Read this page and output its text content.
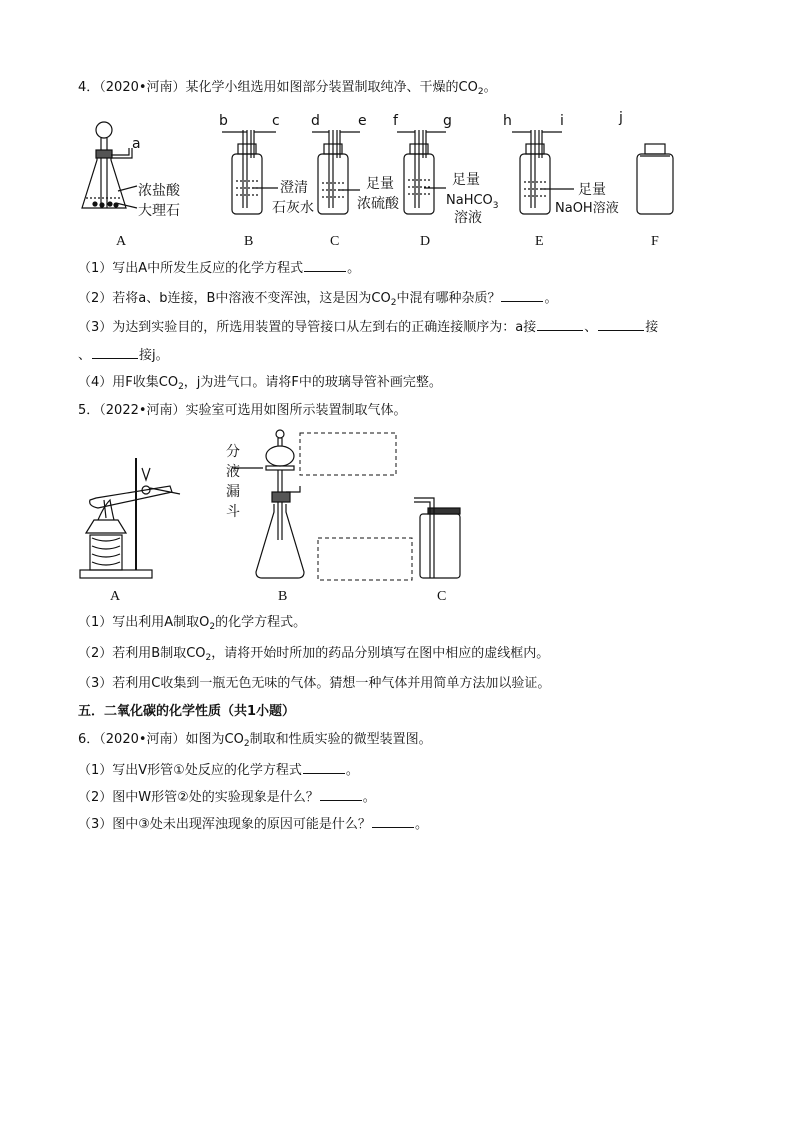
4．（2020•河南）某化学小组选用如图部分装置制取纯净、干燥的$CO_2$。
a
浓盐酸
大理石
b	c
澄清
石灰水
d	e
足量
浓硫酸
f	g
足量
NaHCO$_3$
溶液
h	i
足量
NaOH溶液
j
A	B	C	D	E	F
（1）写出A中所发生反应的化学方程式	。
（2）若将a、b连接，B中溶液不变浑浊，这是因为$CO_2$中混有哪种杂质？	。
（3）为达到实验目的，所选用装置的导管接口从左到右的正确连接顺序为：a接	、	接
、	接j。
（4）用F收集$CO_2$，j为进气口。请将F中的玻璃导管补画完整。
5．（2022•河南）实验室可选用如图所示装置制取气体。
分
液
漏
斗
A	B	C
（1）写出利用A制取$O_2$的化学方程式。
（2）若利用B制取$CO_2$，请将开始时所加的药品分别填写在图中相应的虚线框内。
（3）若利用C收集到一瓶无色无味的气体。猜想一种气体并用简单方法加以验证。
五．二氧化碳的化学性质（共1小题）
6．（2020•河南）如图为$CO_2$制取和性质实验的微型装置图。
（1）写出V形管①处反应的化学方程式	。
（2）图中W形管②处的实验现象是什么？	。
（3）图中③处未出现浑浊现象的原因可能是什么？	。
